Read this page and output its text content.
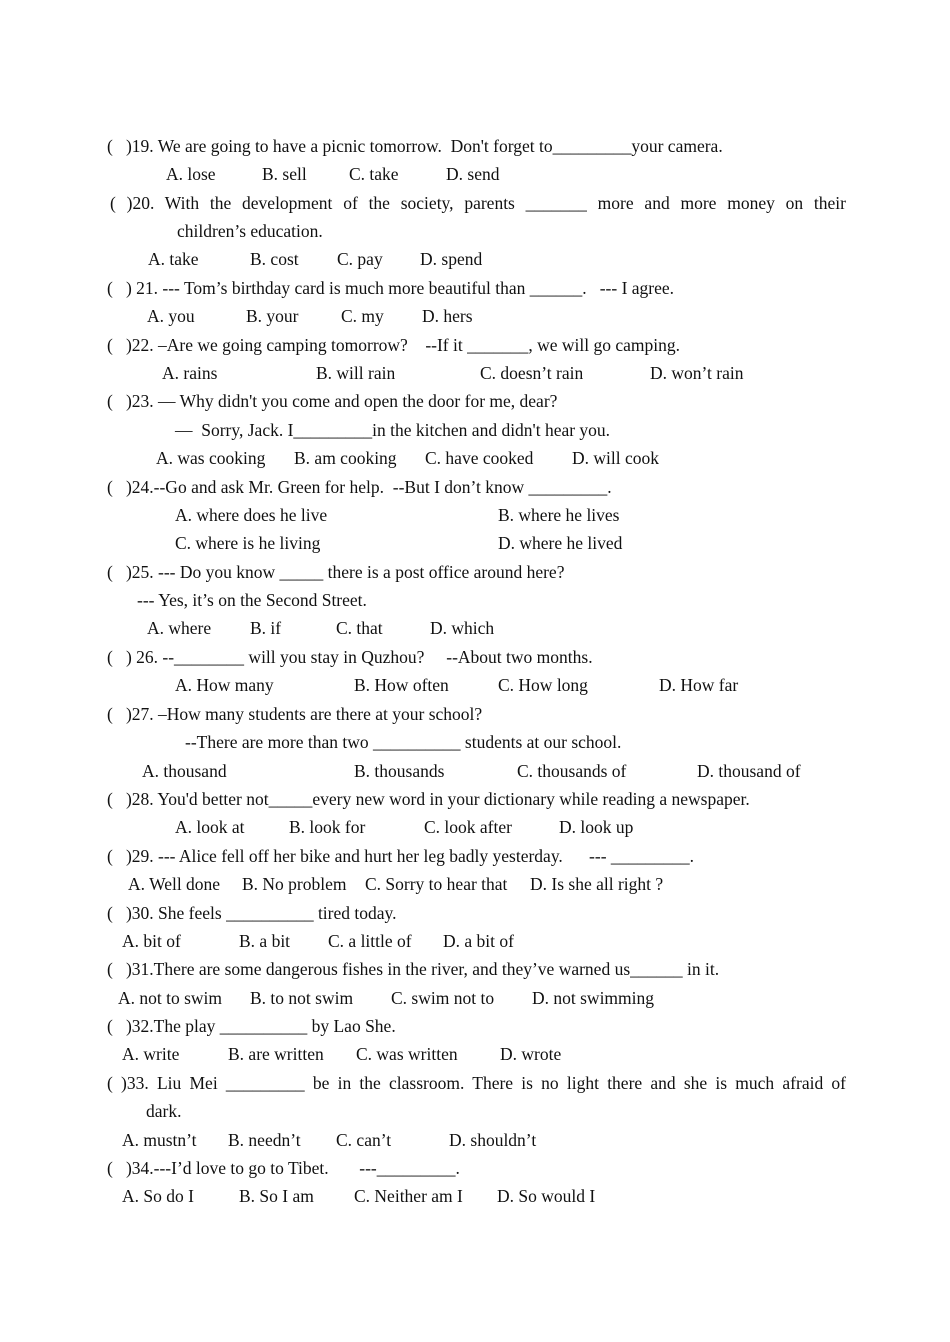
(   )19. We are going to have a picnic tomorrow.  Don't forget to_________your camera.
A. lose	B. sell C. take	D. send
( )20. With the development of the society, parents _______ more and more money on their
children’s education.
A. take	B. cost C. pay D. spend
(   ) 21. --- Tom’s birthday card is much more beautiful than ______.   --- I agree.
A. you	B. your C. my D. hers
(   )22. –Are we going camping tomorrow?    --If it _______, we will go camping.
A. rains	B. will rain	C. doesn’t rain	D. won’t rain
(   )23. — Why didn't you come and open the door for me, dear?
—  Sorry, Jack. I_________in the kitchen and didn't hear you.
A. was cooking B. am cooking C. have cooked D. will cook
(   )24.--Go and ask Mr. Green for help.  --But I don’t know _________.
A. where does he live	B. where he lives
C. where is he living	D. where he lived
(   )25. --- Do you know _____ there is a post office around here?
--- Yes, it’s on the Second Street.
A. where B. if	C. that	D. which
(   ) 26. --________ will you stay in Quzhou?     --About two months.
A. How many	B. How often	C. How long	D. How far
(   )27. –How many students are there at your school?
--There are more than two __________ students at our school.
A. thousand	B. thousands	C. thousands of	D. thousand of
(   )28. You'd better not_____every new word in your dictionary while reading a newspaper.
A. look at	B. look for	C. look after	D. look up
(   )29. --- Alice fell off her bike and hurt her leg badly yesterday.      --- _________.
A. Well done B. No problem C. Sorry to hear that D. Is she all right ?
(   )30. She feels __________ tired today.
A. bit of	B. a bit C. a little of D. a bit of
(   )31.There are some dangerous fishes in the river, and they’ve warned us______ in it.
A. not to swim B. to not swim C. swim not to D. not swimming
(   )32.The play __________ by Lao She.
A. write	B. are written C. was written D. wrote
( )33. Liu Mei _________ be in the classroom. There is no light there and she is much afraid of
dark.
A. mustn’t B. needn’t C. can’t	D. shouldn’t
(   )34.---I’d love to go to Tibet.       ---_________.
A. So do I	B. So I am C. Neither am I D. So would I
